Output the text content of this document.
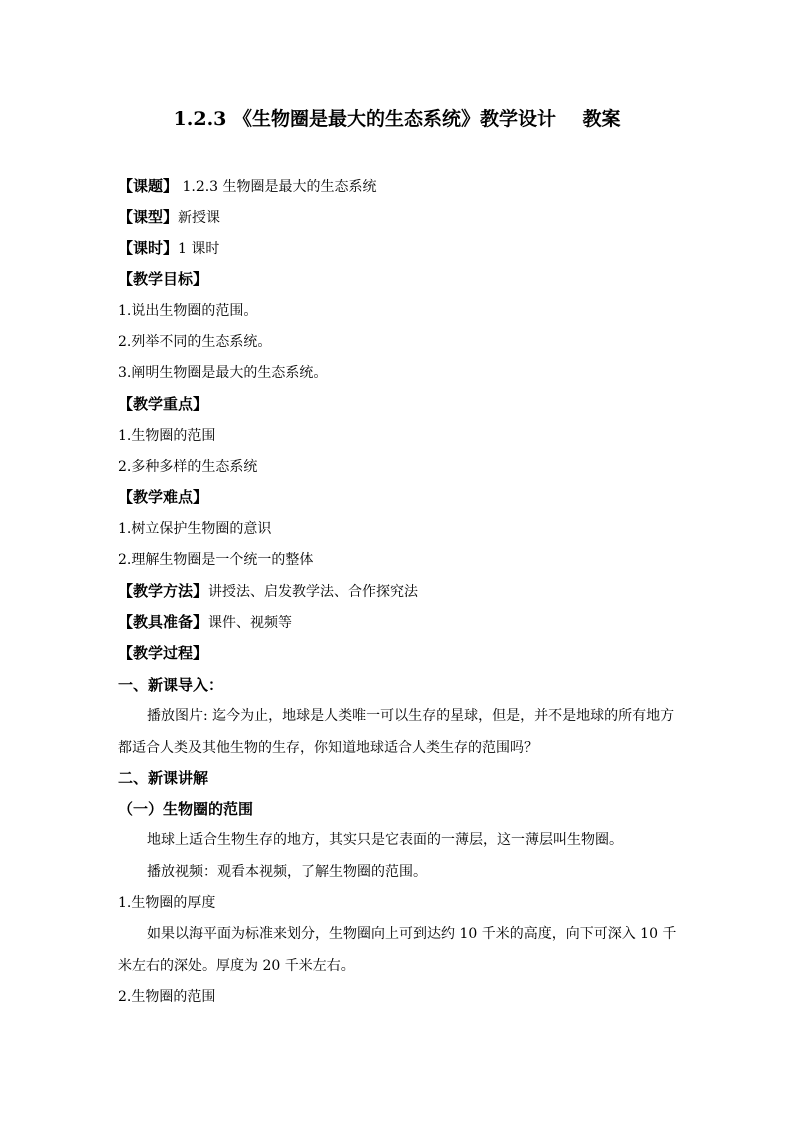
1.2.3 《生物圈是最大的生态系统》教学设计    教案
【课题】 1.2.3 生物圈是最大的生态系统
【课型】新授课
【课时】1 课时
【教学目标】
1.说出生物圈的范围。
2.列举不同的生态系统。
3.阐明生物圈是最大的生态系统。
【教学重点】
1.生物圈的范围
2.多种多样的生态系统
【教学难点】
1.树立保护生物圈的意识
2.理解生物圈是一个统一的整体
【教学方法】讲授法、启发教学法、合作探究法
【教具准备】课件、视频等
【教学过程】
一、新课导入：

播放图片: 迄今为止，地球是人类唯一可以生存的星球，但是，并不是地球的所有地方都适合人类及其他生物的生存，你知道地球适合人类生存的范围吗？

二、新课讲解
（一）生物圈的范围
地球上适合生物生存的地方，其实只是它表面的一薄层，这一薄层叫生物圈。
播放视频：观看本视频，了解生物圈的范围。
1.生物圈的厚度

如果以海平面为标准来划分，生物圈向上可到达约 10 千米的高度，向下可深入 10 千米左右的深处。厚度为 20 千米左右。

2.生物圈的范围
